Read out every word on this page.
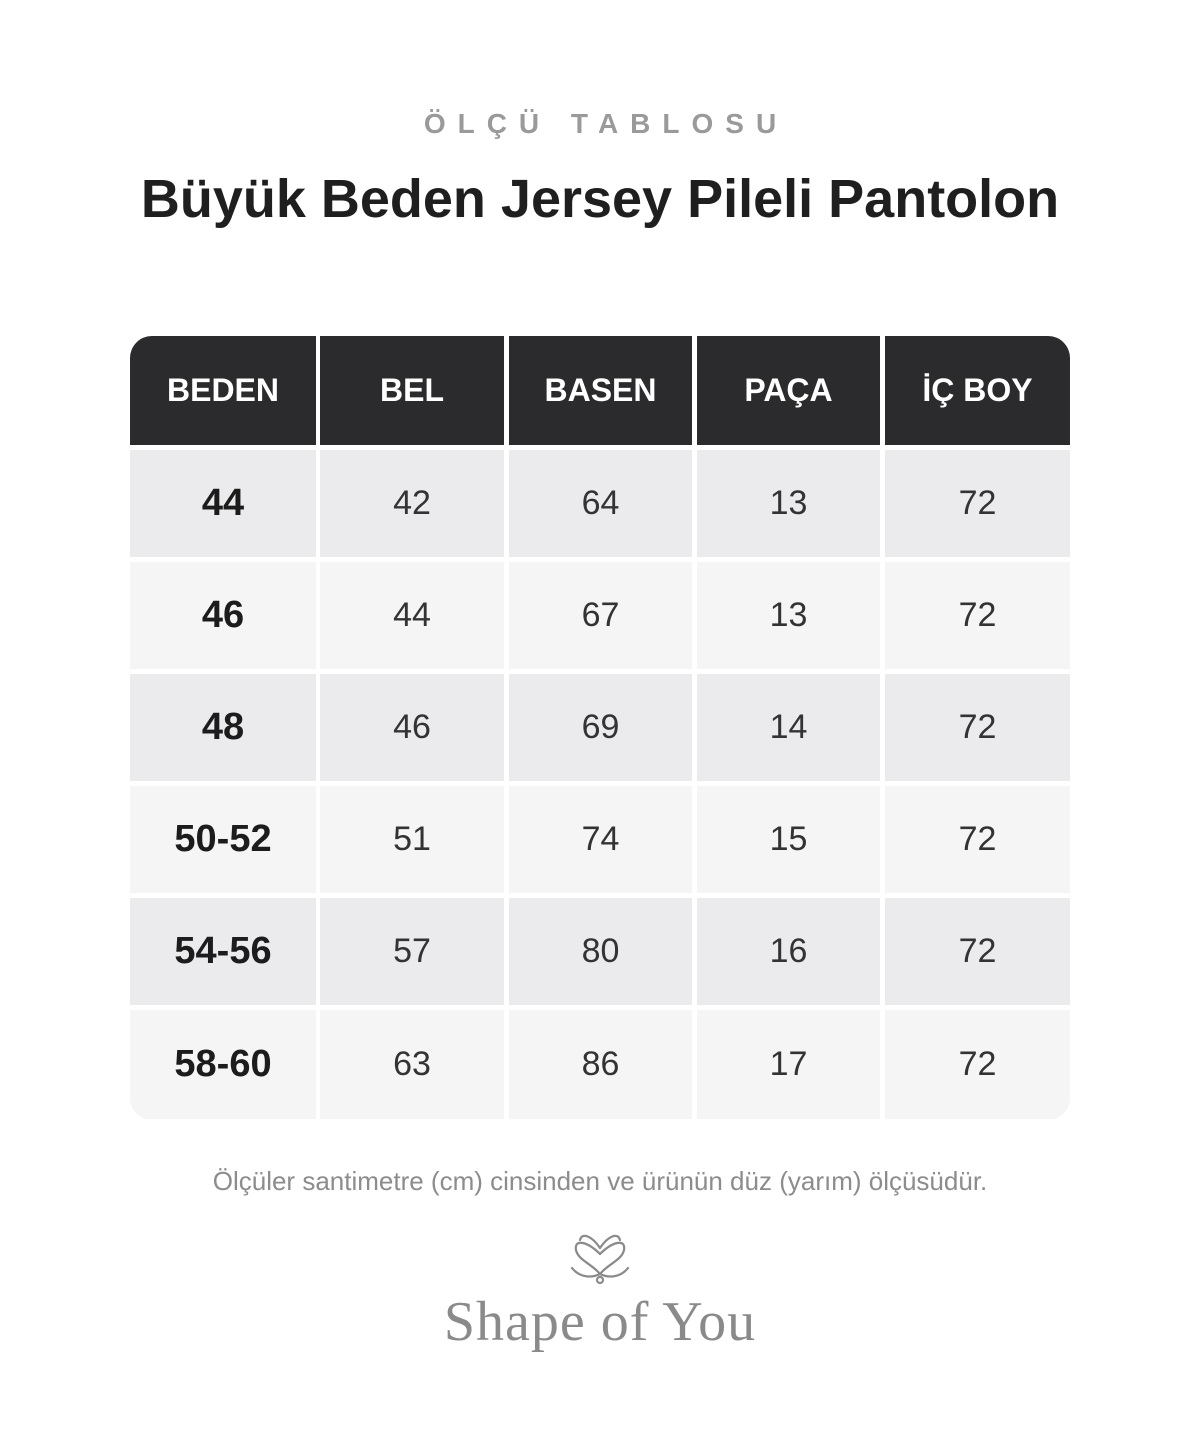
ÖLÇÜ TABLOSU
Büyük Beden Jersey Pileli Pantolon
BEDEN	BEL	BASEN	PAÇA	İÇ BOY
44	42	64	13	72
46	44	67	13	72
48	46	69	14	72
50-52	51	74	15	72
54-56	57	80	16	72
58-60	63	86	17	72
Ölçüler santimetre (cm) cinsinden ve ürünün düz (yarım) ölçüsüdür.
Shape of You
